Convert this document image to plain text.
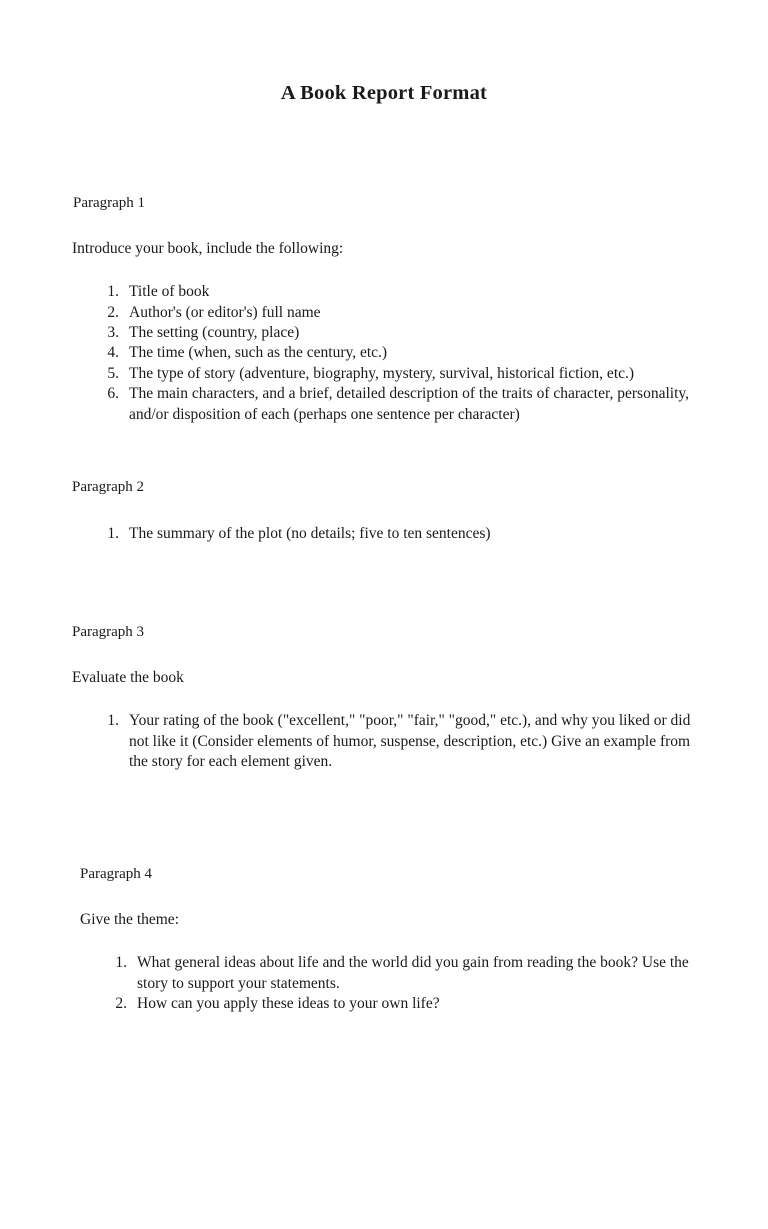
A Book Report Format
Paragraph 1
Introduce your book, include the following:
1. Title of book
2. Author's (or editor's) full name
3. The setting (country, place)
4. The time (when, such as the century, etc.)
5. The type of story (adventure, biography, mystery, survival, historical fiction, etc.)
6. The main characters, and a brief, detailed description of the traits of character, personality, and/or disposition of each (perhaps one sentence per character)
Paragraph 2
1. The summary of the plot (no details; five to ten sentences)
Paragraph 3
Evaluate the book
1. Your rating of the book ("excellent," "poor," "fair," "good," etc.), and why you liked or did not like it (Consider elements of humor, suspense, description, etc.) Give an example from the story for each element given.
Paragraph 4
Give the theme:
1. What general ideas about life and the world did you gain from reading the book? Use the story to support your statements.
2. How can you apply these ideas to your own life?
